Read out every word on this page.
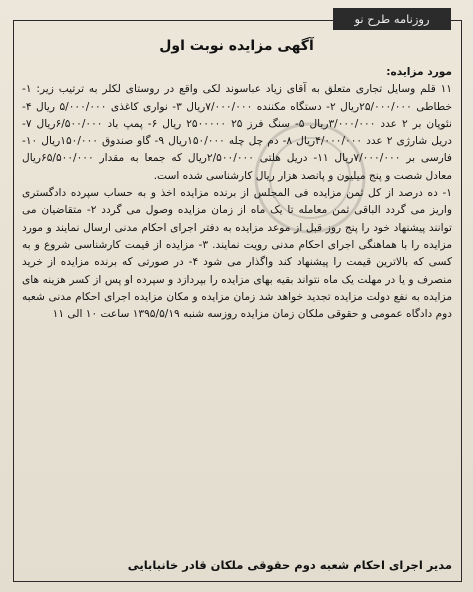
روزنامه طرح نو
آگهی مزایده نوبت اول

مورد مزایده:

۱۱ قلم وسایل تجاری متعلق به آقای زیاد عباسوند لکی واقع در روستای لکلر به ترتیب زیر: ۱- خطاطی ۲۵/۰۰۰/۰۰۰ریال ۲- دستگاه مکننده ۷/۰۰۰/۰۰۰ریال ۳- نواری کاغذی ۵/۰۰۰/۰۰۰ ریال ۴- نئوپان بر ۲ عدد ۳/۰۰۰/۰۰۰ریال ۵- سنگ فرز ۲۵ ۲۵۰۰۰۰۰ ریال ۶- پمپ باد ۶/۵۰۰/۰۰۰ریال ۷- دریل شارژی ۲ عدد ۴/۰۰۰/۰۰۰ریال ۸- دم چل چله ۱۵۰/۰۰۰ریال ۹- گاو صندوق ۱۵۰/۰۰۰ریال ۱۰- فارسی بر ۷/۰۰۰/۰۰۰ریال ۱۱- دریل هلتی ۲/۵۰۰/۰۰۰ریال که جمعا به مقدار ۶۵/۵۰۰/۰۰۰ریال معادل شصت و پنج میلیون و پانصد هزار ریال کارشناسی شده است.

۱- ده درصد از کل ثمن مزایده فی المجلس از برنده مزایده اخذ و به حساب سپرده دادگستری واریز می گردد الباقی ثمن معامله تا یک ماه از زمان مزایده وصول می گردد ۲- متقاضیان می توانند پیشنهاد خود را پنج روز قبل از موعد مزایده به دفتر اجرای احکام مدنی ارسال نمایند و مورد مزایده را با هماهنگی اجرای احکام مدنی رویت نمایند. ۳- مزایده از قیمت کارشناسی شروع و به کسی که بالاترین قیمت را پیشنهاد کند واگذار می شود ۴- در صورتی که برنده مزایده از خرید منصرف و یا در مهلت یک ماه نتواند بقیه بهای مزایده را بپردازد و سپرده او پس از کسر هزینه های مزایده به نفع دولت مزایده تجدید خواهد شد زمان مزایده و مکان مزایده اجرای احکام مدنی شعبه دوم دادگاه عمومی و حقوقی ملکان زمان مزایده روزسه شنبه ۱۳۹۵/۵/۱۹ ساعت ۱۰ الی ۱۱

مدیر اجرای احکام شعبه دوم حقوقی ملکان قادر خانبابایی
